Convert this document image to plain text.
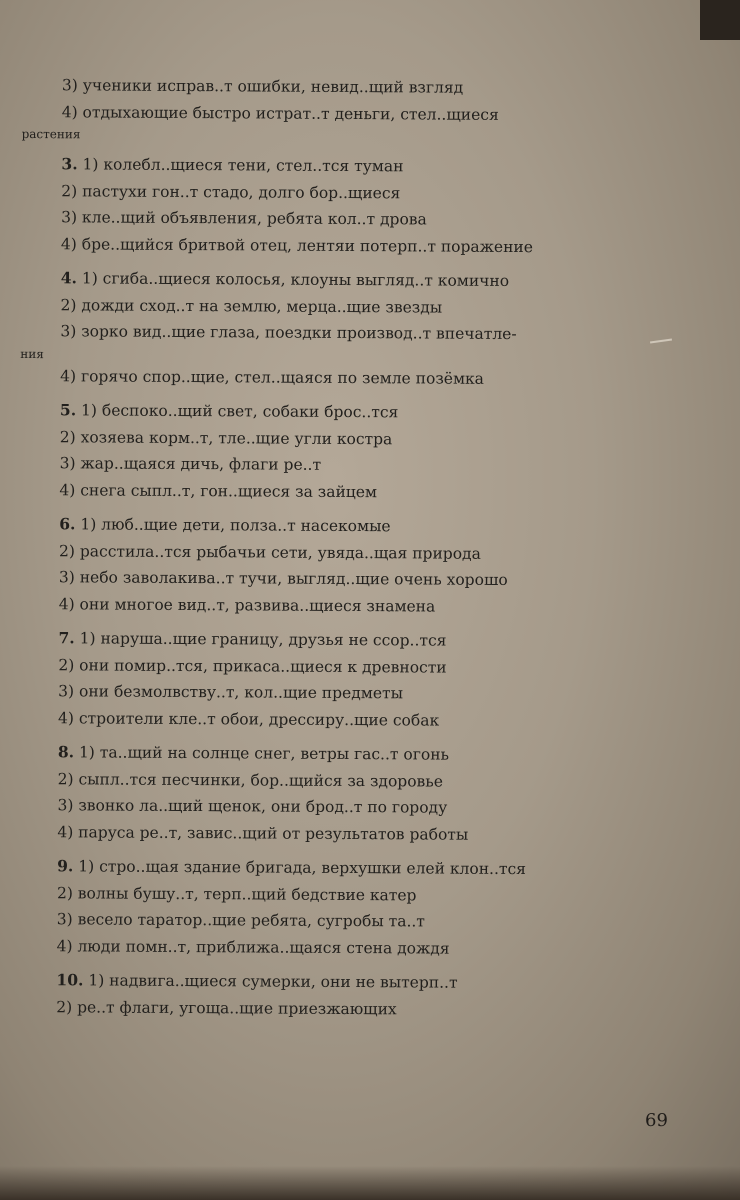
3) ученики исправ..т ошибки, невид..щий взгляд
4) отдыхающие быстро истрат..т деньги, стел..щиеся
растения
3. 1) колебл..щиеся тени, стел..тся туман
2) пастухи гон..т стадо, долго бор..щиеся
3) кле..щий объявления, ребята кол..т дрова
4) бре..щийся бритвой отец, лентяи потерп..т поражение
4. 1) сгиба..щиеся колосья, клоуны выгляд..т комично
2) дожди сход..т на землю, мерца..щие звезды
3) зорко вид..щие глаза, поездки производ..т впечатле-
ния
4) горячо спор..щие, стел..щаяся по земле позёмка
5. 1) беспоко..щий свет, собаки брос..тся
2) хозяева корм..т, тле..щие угли костра
3) жар..щаяся дичь, флаги ре..т
4) снега сыпл..т, гон..щиеся за зайцем
6. 1) люб..щие дети, полза..т насекомые
2) расстила..тся рыбачьи сети, увяда..щая природа
3) небо заволакива..т тучи, выгляд..щие очень хорошо
4) они многое вид..т, развива..щиеся знамена
7. 1) наруша..щие границу, друзья не ссор..тся
2) они помир..тся, прикаса..щиеся к древности
3) они безмолвству..т, кол..щие предметы
4) строители кле..т обои, дрессиру..щие собак
8. 1) та..щий на солнце снег, ветры гас..т огонь
2) сыпл..тся песчинки, бор..щийся за здоровье
3) звонко ла..щий щенок, они брод..т по городу
4) паруса ре..т, завис..щий от результатов работы
9. 1) стро..щая здание бригада, верхушки елей клон..тся
2) волны бушу..т, терп..щий бедствие катер
3) весело таратор..щие ребята, сугробы та..т
4) люди помн..т, приближа..щаяся стена дождя
10. 1) надвига..щиеся сумерки, они не вытерп..т
2) ре..т флаги, угоща..щие приезжающих
69
